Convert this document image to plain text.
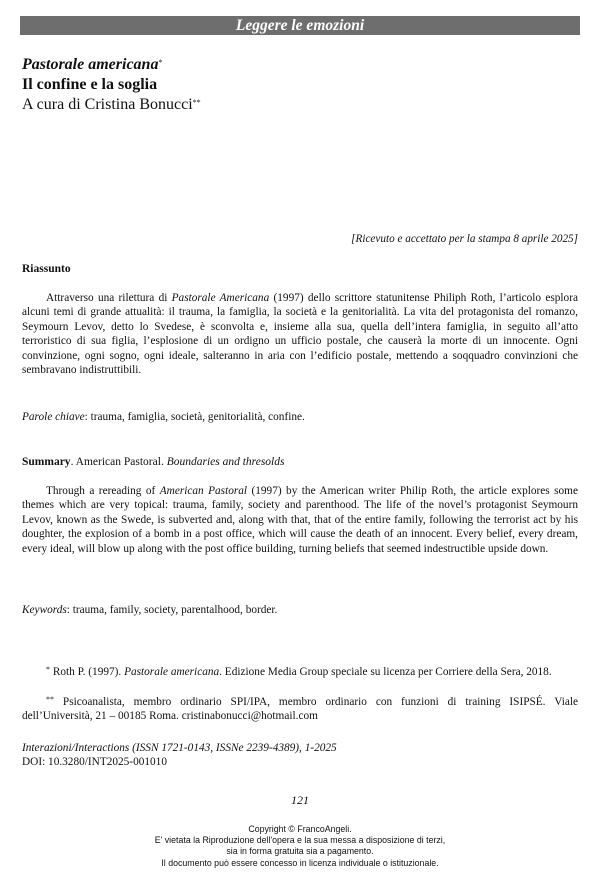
Leggere le emozioni
Pastorale americana*
Il confine e la soglia
A cura di Cristina Bonucci**
[Ricevuto e accettato per la stampa 8 aprile 2025]
Riassunto

Attraverso una rilettura di Pastorale Americana (1997) dello scrittore statunitense Philiph Roth, l’articolo esplora alcuni temi di grande attualità: il trauma, la famiglia, la società e la genitorialità. La vita del protagonista del romanzo, Seymourn Levov, detto lo Svedese, è sconvolta e, insieme alla sua, quella dell’intera famiglia, in seguito all’atto terroristico di sua figlia, l’esplosione di un ordigno un ufficio postale, che causerà la morte di un innocente. Ogni convinzione, ogni sogno, ogni ideale, salteranno in aria con l’edificio postale, mettendo a soqquadro convinzioni che sembravano indistruttibili.

Parole chiave: trauma, famiglia, società, genitorialità, confine.
Summary. American Pastoral. Boundaries and thresolds

Through a rereading of American Pastoral (1997) by the American writer Philip Roth, the article explores some themes which are very topical: trauma, family, society and parenthood. The life of the novel’s protagonist Seymourn Levov, known as the Swede, is subverted and, along with that, that of the entire family, following the terrorist act by his doughter, the explosion of a bomb in a post office, which will cause the death of an innocent. Every belief, every dream, every ideal, will blow up along with the post office building, turning beliefs that seemed indestructible upside down.

Keywords: trauma, family, society, parentalhood, border.

* Roth P. (1997). Pastorale americana. Edizione Media Group speciale su licenza per Corriere della Sera, 2018.

** Psicoanalista, membro ordinario SPI/IPA, membro ordinario con funzioni di training ISIPSÉ. Viale dell’Università, 21 – 00185 Roma. cristinabonucci@hotmail.com

Interazioni/Interactions (ISSN 1721-0143, ISSNe 2239-4389), 1-2025
DOI: 10.3280/INT2025-001010
121
Copyright © FrancoAngeli.
E' vietata la Riproduzione dell'opera e la sua messa a disposizione di terzi,
sia in forma gratuita sia a pagamento.
Il documento può essere concesso in licenza individuale o istituzionale.
